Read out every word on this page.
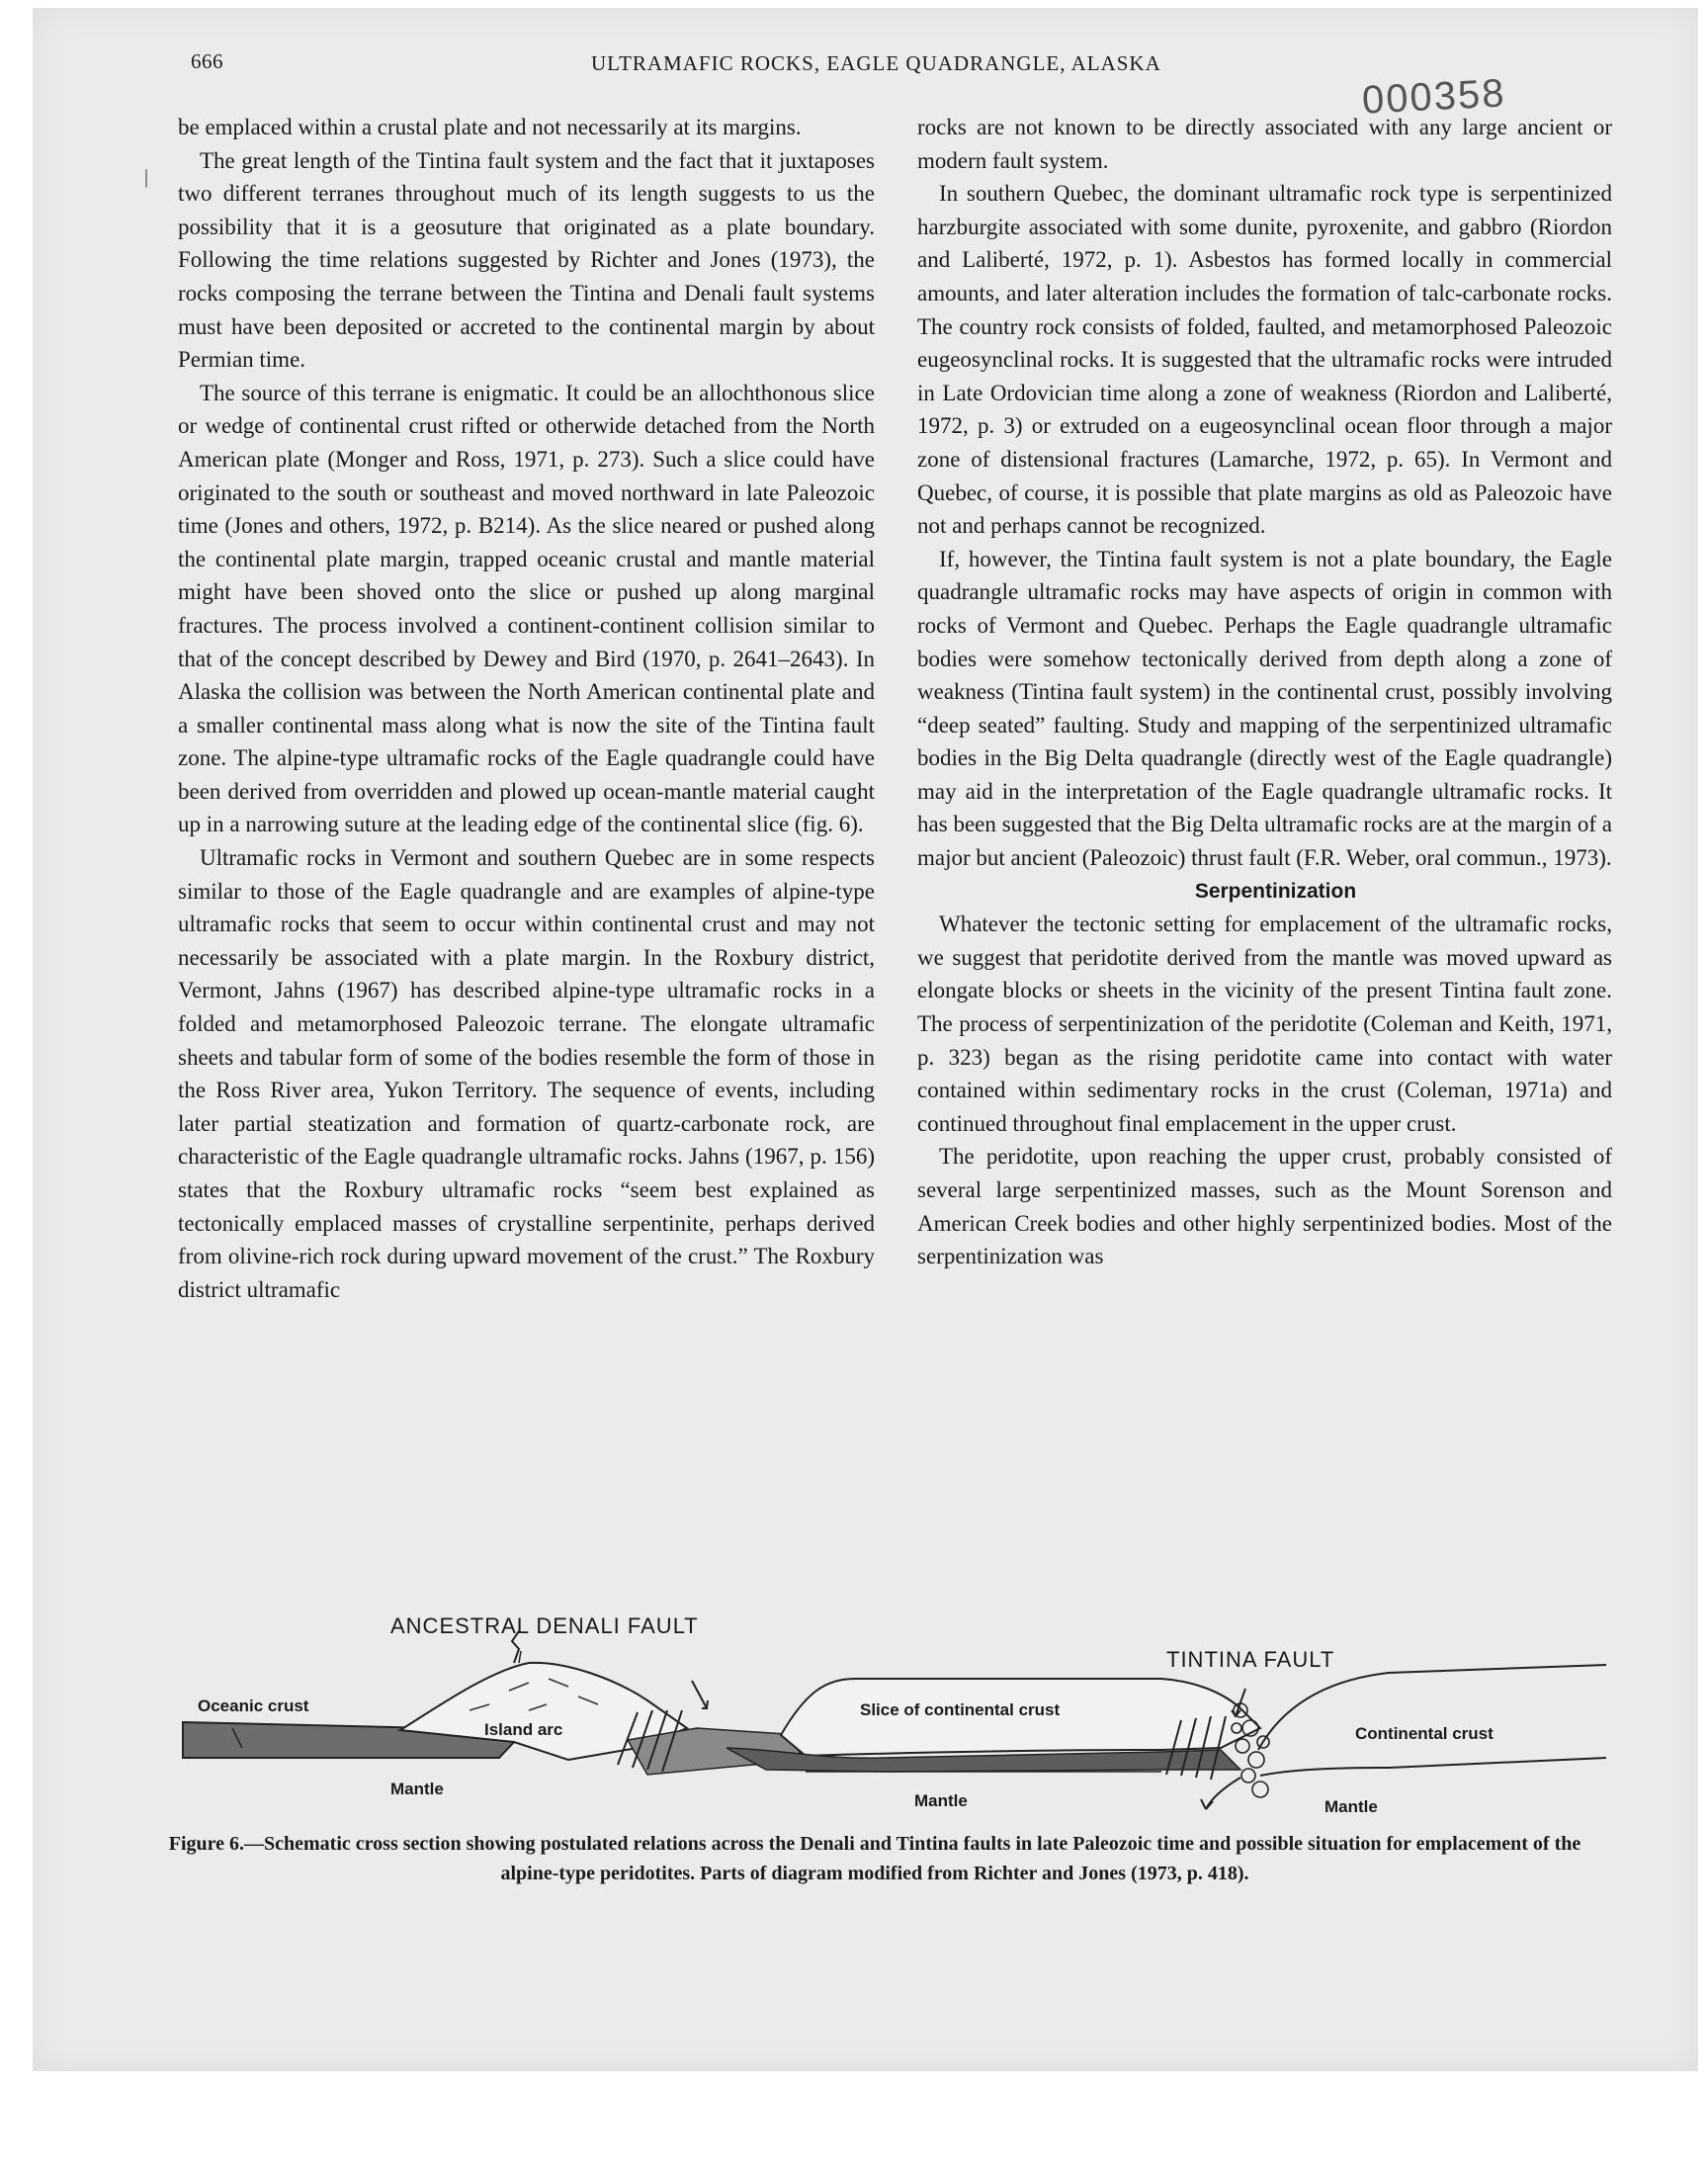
666	ULTRAMAFIC ROCKS, EAGLE QUADRANGLE, ALASKA
000358
|

be emplaced within a crustal plate and not necessarily at its margins.

The great length of the Tintina fault system and the fact that it juxtaposes two different terranes throughout much of its length suggests to us the possibility that it is a geosuture that originated as a plate boundary. Following the time relations suggested by Richter and Jones (1973), the rocks composing the terrane between the Tintina and Denali fault systems must have been deposited or accreted to the continental margin by about Permian time.

The source of this terrane is enigmatic. It could be an allochthonous slice or wedge of continental crust rifted or otherwide detached from the North American plate (Monger and Ross, 1971, p. 273). Such a slice could have originated to the south or southeast and moved northward in late Paleozoic time (Jones and others, 1972, p. B214). As the slice neared or pushed along the continental plate margin, trapped oceanic crustal and mantle material might have been shoved onto the slice or pushed up along marginal fractures. The process involved a continent-continent collision similar to that of the concept described by Dewey and Bird (1970, p. 2641–2643). In Alaska the collision was between the North American continental plate and a smaller continental mass along what is now the site of the Tintina fault zone. The alpine-type ultramafic rocks of the Eagle quadrangle could have been derived from overridden and plowed up ocean-mantle material caught up in a narrowing suture at the leading edge of the continental slice (fig. 6).

Ultramafic rocks in Vermont and southern Quebec are in some respects similar to those of the Eagle quadrangle and are examples of alpine-type ultramafic rocks that seem to occur within continental crust and may not necessarily be associated with a plate margin. In the Roxbury district, Vermont, Jahns (1967) has described alpine-type ultramafic rocks in a folded and metamorphosed Paleozoic terrane. The elongate ultramafic sheets and tabular form of some of the bodies resemble the form of those in the Ross River area, Yukon Territory. The sequence of events, including later partial steatization and formation of quartz-carbonate rock, are characteristic of the Eagle quadrangle ultramafic rocks. Jahns (1967, p. 156) states that the Roxbury ultramafic rocks “seem best explained as tectonically emplaced masses of crystalline serpentinite, perhaps derived from olivine-rich rock during upward movement of the crust.” The Roxbury district ultramafic

rocks are not known to be directly associated with any large ancient or modern fault system.

In southern Quebec, the dominant ultramafic rock type is serpentinized harzburgite associated with some dunite, pyroxenite, and gabbro (Riordon and Laliberté, 1972, p. 1). Asbestos has formed locally in commercial amounts, and later alteration includes the formation of talc-carbonate rocks. The country rock consists of folded, faulted, and metamorphosed Paleozoic eugeosynclinal rocks. It is suggested that the ultramafic rocks were intruded in Late Ordovician time along a zone of weakness (Riordon and Laliberté, 1972, p. 3) or extruded on a eugeosynclinal ocean floor through a major zone of distensional fractures (Lamarche, 1972, p. 65). In Vermont and Quebec, of course, it is possible that plate margins as old as Paleozoic have not and perhaps cannot be recognized.

If, however, the Tintina fault system is not a plate boundary, the Eagle quadrangle ultramafic rocks may have aspects of origin in common with rocks of Vermont and Quebec. Perhaps the Eagle quadrangle ultramafic bodies were somehow tectonically derived from depth along a zone of weakness (Tintina fault system) in the continental crust, possibly involving “deep seated” faulting. Study and mapping of the serpentinized ultramafic bodies in the Big Delta quadrangle (directly west of the Eagle quadrangle) may aid in the interpretation of the Eagle quadrangle ultramafic rocks. It has been suggested that the Big Delta ultramafic rocks are at the margin of a major but ancient (Paleozoic) thrust fault (F.R. Weber, oral commun., 1973).

Serpentinization

Whatever the tectonic setting for emplacement of the ultramafic rocks, we suggest that peridotite derived from the mantle was moved upward as elongate blocks or sheets in the vicinity of the present Tintina fault zone. The process of serpentinization of the peridotite (Coleman and Keith, 1971, p. 323) began as the rising peridotite came into contact with water contained within sedimentary rocks in the crust (Coleman, 1971a) and continued throughout final emplacement in the upper crust.

The peridotite, upon reaching the upper crust, probably consisted of several large serpentinized masses, such as the Mount Sorenson and American Creek bodies and other highly serpentinized bodies. Most of the serpentinization was

ANCESTRAL DENALI FAULT
TINTINA FAULT
Oceanic crust
Island arc
Slice of continental crust
Continental crust
Mantle
Mantle	Mantle
Figure 6.—Schematic cross section showing postulated relations across the Denali and Tintina faults in late Paleozoic time and possible situation for emplacement of the alpine-type peridotites. Parts of diagram modified from Richter and Jones (1973, p. 418).
